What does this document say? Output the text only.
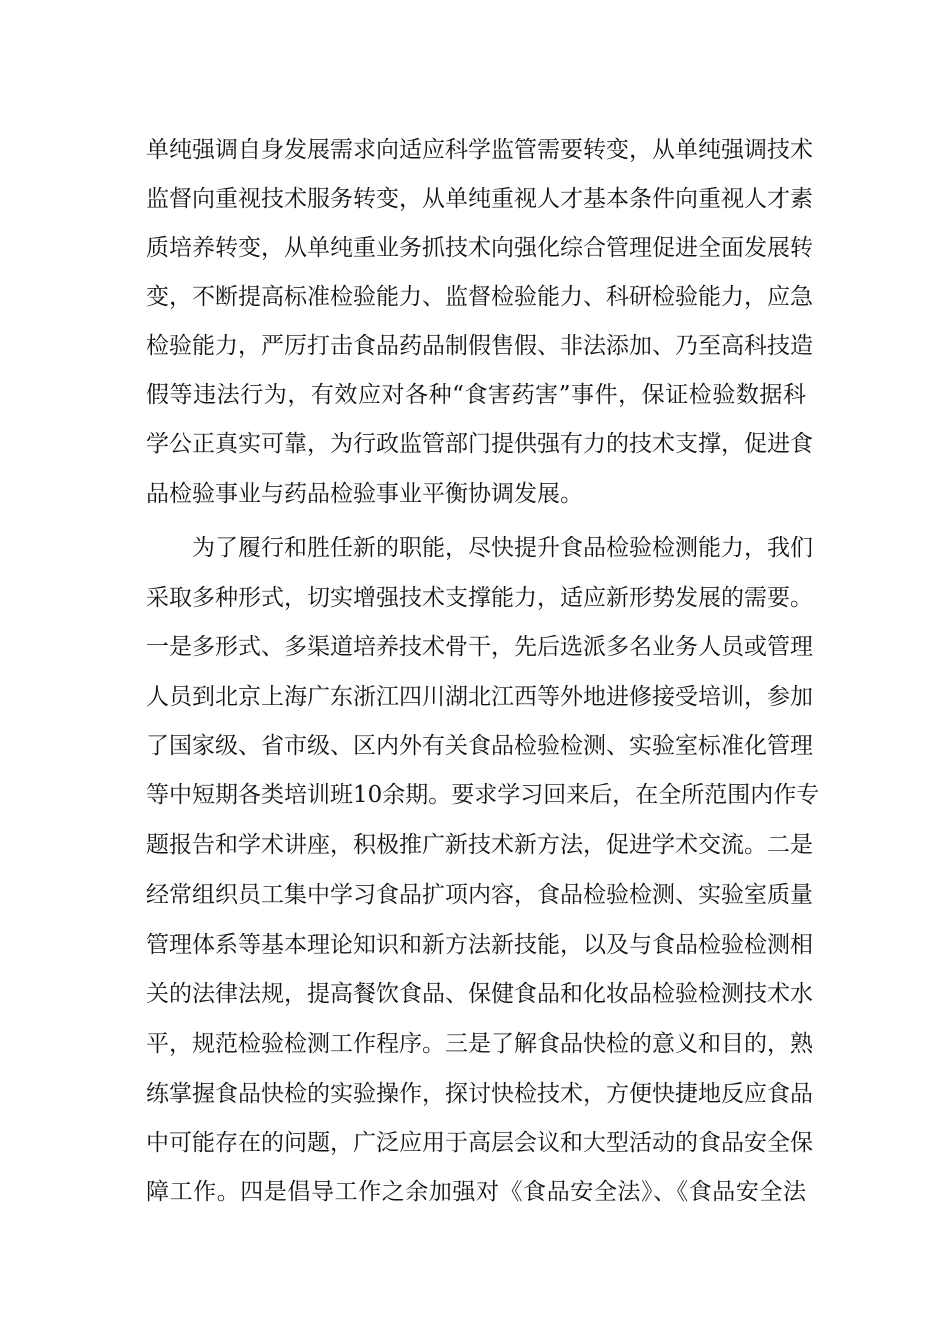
单纯强调自身发展需求向适应科学监管需要转变，从单纯强调技术
监督向重视技术服务转变，从单纯重视人才基本条件向重视人才素
质培养转变，从单纯重业务抓技术向强化综合管理促进全面发展转
变，不断提高标准检验能力、监督检验能力、科研检验能力，应急
检验能力，严厉打击食品药品制假售假、非法添加、乃至高科技造
假等违法行为，有效应对各种“食害药害”事件，保证检验数据科
学公正真实可靠，为行政监管部门提供强有力的技术支撑，促进食
品检验事业与药品检验事业平衡协调发展。
为了履行和胜任新的职能，尽快提升食品检验检测能力，我们
采取多种形式，切实增强技术支撑能力，适应新形势发展的需要。
一是多形式、多渠道培养技术骨干，先后选派多名业务人员或管理
人员到北京上海广东浙江四川湖北江西等外地进修接受培训，参加
了国家级、省市级、区内外有关食品检验检测、实验室标准化管理
等中短期各类培训班10余期。要求学习回来后，在全所范围内作专
题报告和学术讲座，积极推广新技术新方法，促进学术交流。二是
经常组织员工集中学习食品扩项内容，食品检验检测、实验室质量
管理体系等基本理论知识和新方法新技能，以及与食品检验检测相
关的法律法规，提高餐饮食品、保健食品和化妆品检验检测技术水
平，规范检验检测工作程序。三是了解食品快检的意义和目的，熟
练掌握食品快检的实验操作，探讨快检技术，方便快捷地反应食品
中可能存在的问题，广泛应用于高层会议和大型活动的食品安全保
障工作。四是倡导工作之余加强对《食品安全法》、《食品安全法
